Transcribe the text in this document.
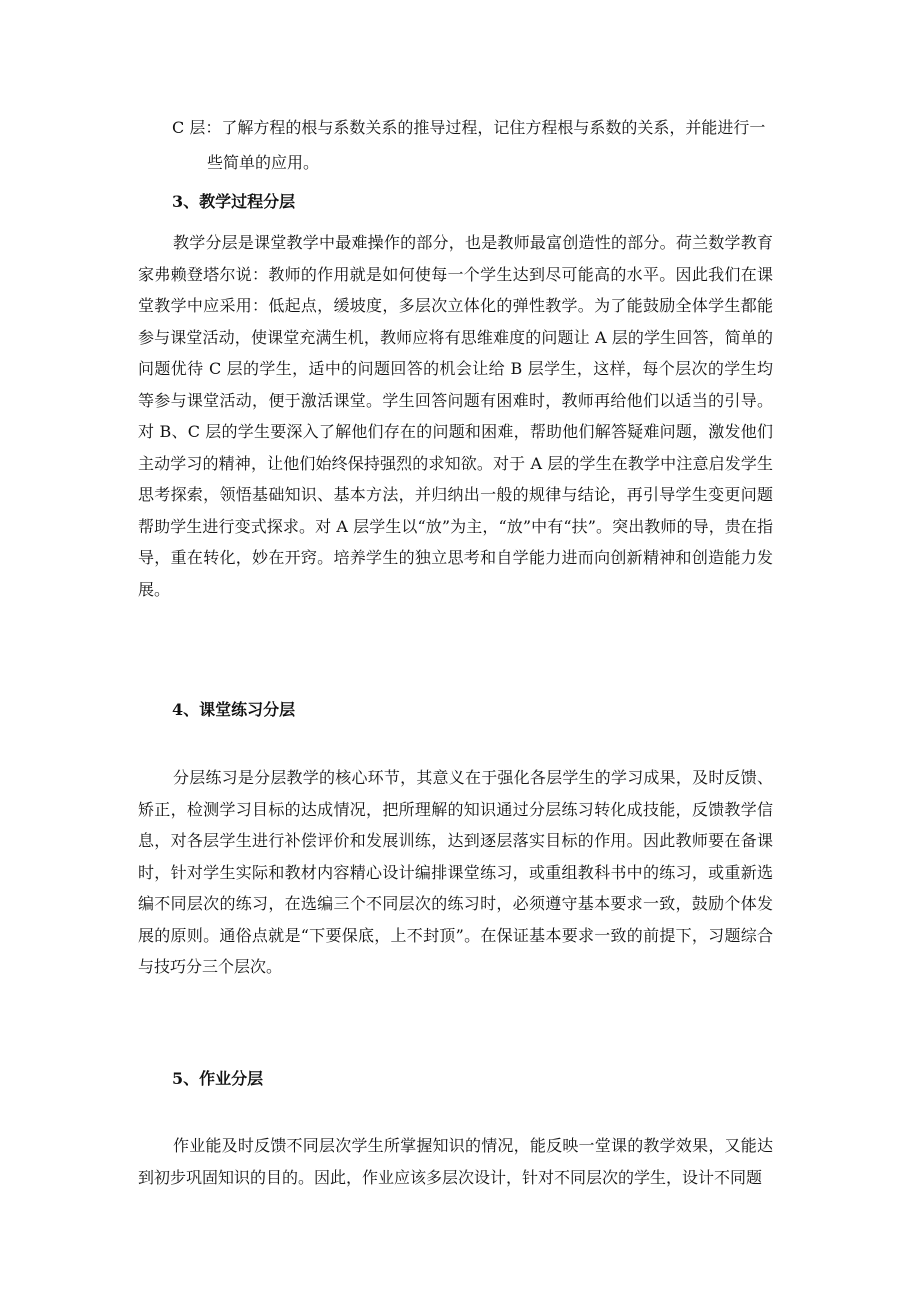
C 层：了解方程的根与系数关系的推导过程，记住方程根与系数的关系，并能进行一
些简单的应用。
3、教学过程分层
教学分层是课堂教学中最难操作的部分，也是教师最富创造性的部分。荷兰数学教育家弗赖登塔尔说：教师的作用就是如何使每一个学生达到尽可能高的水平。因此我们在课堂教学中应采用：低起点，缓坡度，多层次立体化的弹性教学。为了能鼓励全体学生都能参与课堂活动，使课堂充满生机，教师应将有思维难度的问题让 A 层的学生回答，简单的问题优待 C 层的学生，适中的问题回答的机会让给 B 层学生，这样，每个层次的学生均等参与课堂活动，便于激活课堂。学生回答问题有困难时，教师再给他们以适当的引导。对 B、C 层的学生要深入了解他们存在的问题和困难，帮助他们解答疑难问题，激发他们主动学习的精神，让他们始终保持强烈的求知欲。对于 A 层的学生在教学中注意启发学生思考探索，领悟基础知识、基本方法，并归纳出一般的规律与结论，再引导学生变更问题帮助学生进行变式探求。对 A 层学生以“放”为主，“放”中有“扶”。突出教师的导，贵在指导，重在转化，妙在开窍。培养学生的独立思考和自学能力进而向创新精神和创造能力发展。
4、课堂练习分层
分层练习是分层教学的核心环节，其意义在于强化各层学生的学习成果，及时反馈、矫正，检测学习目标的达成情况，把所理解的知识通过分层练习转化成技能，反馈教学信息，对各层学生进行补偿评价和发展训练，达到逐层落实目标的作用。因此教师要在备课时，针对学生实际和教材内容精心设计编排课堂练习，或重组教科书中的练习，或重新选编不同层次的练习，在选编三个不同层次的练习时，必须遵守基本要求一致，鼓励个体发展的原则。通俗点就是“下要保底，上不封顶”。在保证基本要求一致的前提下，习题综合与技巧分三个层次。
5、作业分层
作业能及时反馈不同层次学生所掌握知识的情况，能反映一堂课的教学效果，又能达到初步巩固知识的目的。因此，作业应该多层次设计，针对不同层次的学生，设计不同题
